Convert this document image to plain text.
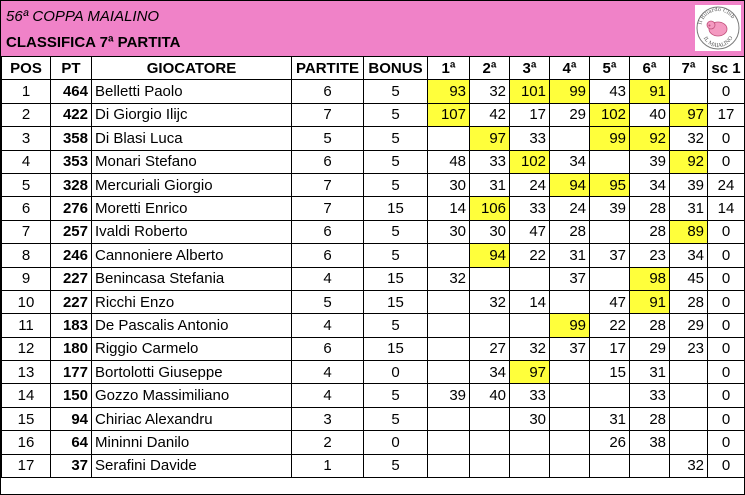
56ª COPPA MAIALINO
CLASSIFICA 7ª PARTITA
Il Biliardo Club
IL MAIALINO
POS	PT	GIOCATORE	PARTITE	BONUS	1ª	2ª	3ª	4ª	5ª	6ª	7ª	sc 1
1	464	Belletti Paolo	6	5	93	32	101	99	43	91		0
2	422	Di Giorgio Ilijc	7	5	107	42	17	29	102	40	97	17
3	358	Di Blasi Luca	5	5		97	33		99	92	32	0
4	353	Monari Stefano	6	5	48	33	102	34		39	92	0
5	328	Mercuriali Giorgio	7	5	30	31	24	94	95	34	39	24
6	276	Moretti Enrico	7	15	14	106	33	24	39	28	31	14
7	257	Ivaldi Roberto	6	5	30	30	47	28		28	89	0
8	246	Cannoniere Alberto	6	5		94	22	31	37	23	34	0
9	227	Benincasa Stefania	4	15	32			37		98	45	0
10	227	Ricchi Enzo	5	15		32	14		47	91	28	0
11	183	De Pascalis Antonio	4	5				99	22	28	29	0
12	180	Riggio Carmelo	6	15		27	32	37	17	29	23	0
13	177	Bortolotti Giuseppe	4	0		34	97		15	31		0
14	150	Gozzo Massimiliano	4	5	39	40	33			33		0
15	94	Chiriac Alexandru	3	5			30		31	28		0
16	64	Mininni Danilo	2	0					26	38		0
17	37	Serafini Davide	1	5							32	0
